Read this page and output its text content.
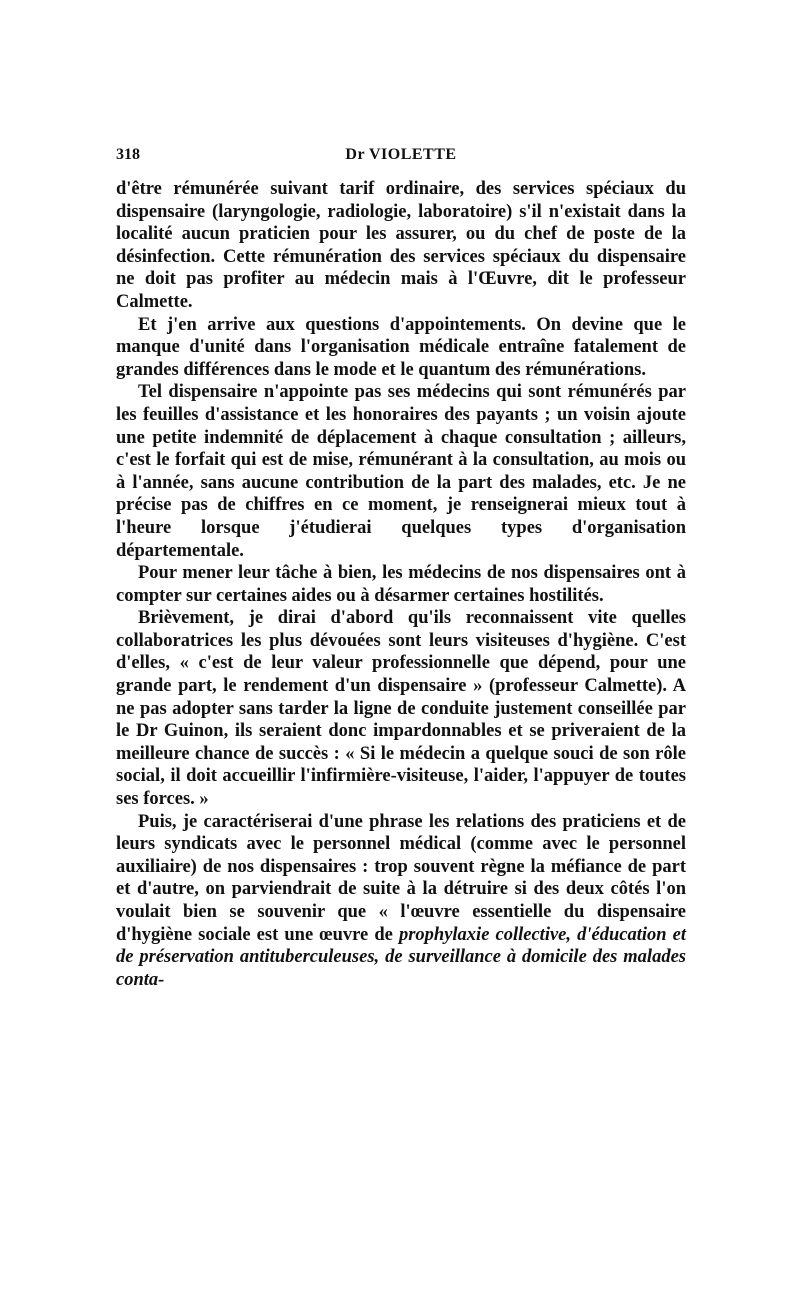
318	Dr VIOLETTE

d'être rémunérée suivant tarif ordinaire, des services spéciaux du dispensaire (laryngologie, radiologie, laboratoire) s'il n'existait dans la localité aucun praticien pour les assurer, ou du chef de poste de la désinfection. Cette rémunération des services spéciaux du dispensaire ne doit pas profiter au médecin mais à l'Œuvre, dit le professeur Calmette.

Et j'en arrive aux questions d'appointements. On devine que le manque d'unité dans l'organisation médicale entraîne fatalement de grandes différences dans le mode et le quantum des rémunérations.

Tel dispensaire n'appointe pas ses médecins qui sont rémunérés par les feuilles d'assistance et les honoraires des payants ; un voisin ajoute une petite indemnité de déplacement à chaque consultation ; ailleurs, c'est le forfait qui est de mise, rémunérant à la consultation, au mois ou à l'année, sans aucune contribution de la part des malades, etc. Je ne précise pas de chiffres en ce moment, je renseignerai mieux tout à l'heure lorsque j'étudierai quelques types d'organisation départementale.

Pour mener leur tâche à bien, les médecins de nos dispensaires ont à compter sur certaines aides ou à désarmer certaines hostilités.

Brièvement, je dirai d'abord qu'ils reconnaissent vite quelles collaboratrices les plus dévouées sont leurs visiteuses d'hygiène. C'est d'elles, « c'est de leur valeur professionnelle que dépend, pour une grande part, le rendement d'un dispensaire » (professeur Calmette). A ne pas adopter sans tarder la ligne de conduite justement conseillée par le Dr Guinon, ils seraient donc impardonnables et se priveraient de la meilleure chance de succès : « Si le médecin a quelque souci de son rôle social, il doit accueillir l'infirmière-visiteuse, l'aider, l'appuyer de toutes ses forces. »

Puis, je caractériserai d'une phrase les relations des praticiens et de leurs syndicats avec le personnel médical (comme avec le personnel auxiliaire) de nos dispensaires : trop souvent règne la méfiance de part et d'autre, on parviendrait de suite à la détruire si des deux côtés l'on voulait bien se souvenir que « l'œuvre essentielle du dispensaire d'hygiène sociale est une œuvre de prophylaxie collective, d'éducation et de préservation antituberculeuses, de surveillance à domicile des malades conta-
